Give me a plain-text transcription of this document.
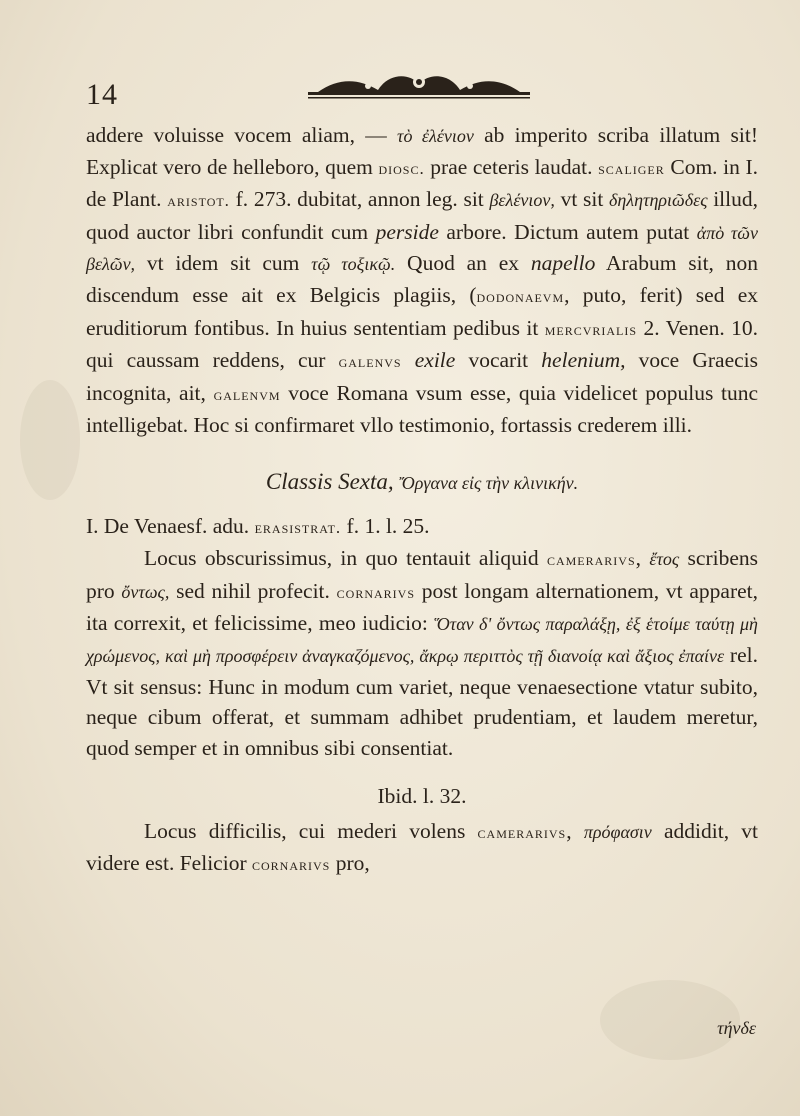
14

addere voluisse vocem aliam, — τὸ ἐλένιον ab imperito scriba illatum sit! Explicat vero de helleboro, quem diosc. prae ceteris laudat. scaliger Com. in I. de Plant. aristot. f. 273. dubitat, annon leg. sit βελένιον, vt sit δηλητηριῶδες illud, quod auctor libri confundit cum persidе arbore. Dictum autem putat ἀπὸ τῶν βελῶν, vt idem sit cum τῷ τοξικῷ. Quod an ex napello Arabum sit, non discendum esse ait ex Belgicis plagiis, (dodonaevm, puto, ferit) sed ex eruditiorum fontibus. In huius sententiam pedibus it mercvrialis 2. Venen. 10. qui caussam reddens, cur galenvs exile vocarit helenium, voce Graecis incognita, ait, galenvm voce Romana vsum esse, quia videlicet populus tunc intelligebat. Hoc si confirmaret vllo testimonio, fortassis crederem illi.

Classis Sexta, Ὄργανα εἰς τὴν κλινικήν.

I. De Venaesf. adu. erasistrat. f. 1. l. 25.

Locus obscurissimus, in quo tentauit aliquid camerarivs, ἔτος scribens pro ὄντως, sed nihil profecit. cornarivs post longam alternationem, vt apparet, ita correxit, et felicissime, meo iudicio: Ὅταν δ' ὄντως παραλάξῃ, ἐξ ἑτοίμε ταύτῃ μὴ χρώμενος, καὶ μὴ προσφέρειν ἀναγκαζόμενος, ἄκρῳ περιττὸς τῇ διανοίᾳ καὶ ἄξιος ἐπαίνε rel. Vt sit sensus: Hunc in modum cum variet, neque venaesectione vtatur subito, neque cibum offerat, et summam adhibet prudentiam, et laudem meretur, quod semper et in omnibus sibi consentiat.

Ibid. l. 32.

Locus difficilis, cui mederi volens camerarivs, πρόφασιν addidit, vt videre est. Felicior cornarivs pro,

τήνδε
